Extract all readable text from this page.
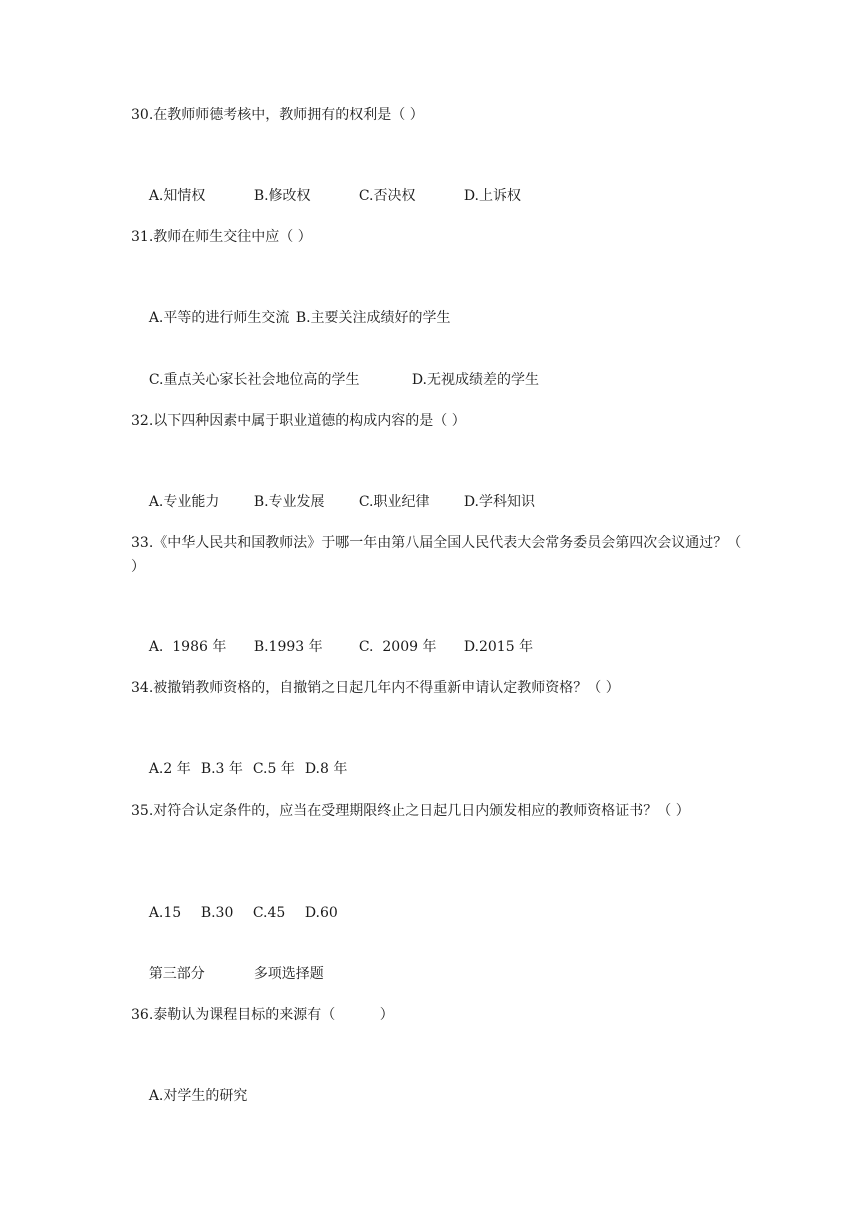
30.在教师师德考核中，教师拥有的权利是（ ）

A.知情权	B.修改权	C.否决权	D.上诉权

31.教师在师生交往中应（ ）

A.平等的进行师生交流 B.主要关注成绩好的学生

C.重点关心家长社会地位高的学生	D.无视成绩差的学生

32.以下四种因素中属于职业道德的构成内容的是（ ）

A.专业能力 B.专业发展 C.职业纪律 D.学科知识

33.《中华人民共和国教师法》于哪一年由第八届全国人民代表大会常务委员会第四次会议通过？（ ）

A.  1986 年 B.1993 年	C.  2009 年 D.2015 年

34.被撤销教师资格的，自撤销之日起几年内不得重新申请认定教师资格？（ ）

A.2 年 B.3 年 C.5 年 D.8 年

35.对符合认定条件的，应当在受理期限终止之日起几日内颁发相应的教师资格证书？（ ）

A.15 B.30 C.45 D.60

第三部分	多项选择题

36.泰勒认为课程目标的来源有（          ）

A.对学生的研究
